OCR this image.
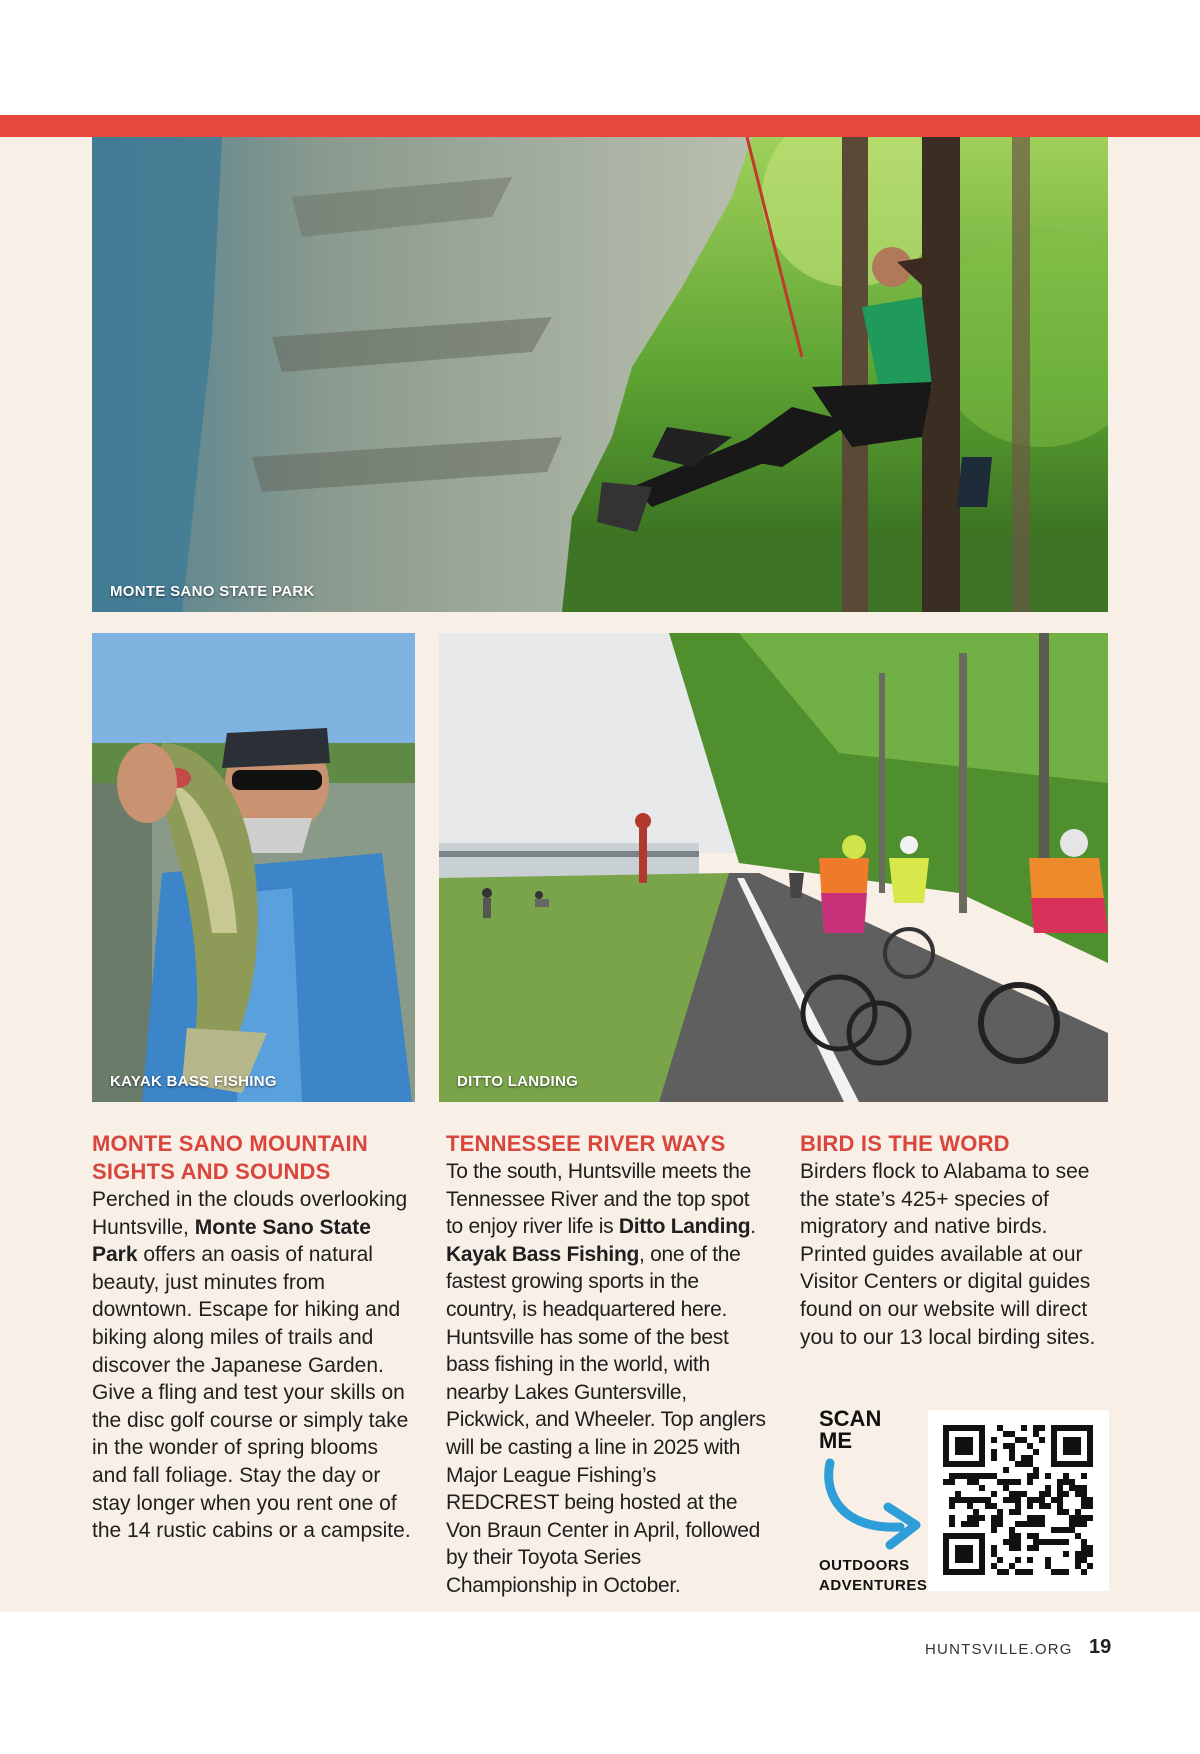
MONTE SANO STATE PARK
KAYAK BASS FISHING	DITTO LANDING
MONTE SANO MOUNTAIN
SIGHTS AND SOUNDS

Perched in the clouds overlooking Huntsville, Monte Sano State Park offers an oasis of natural beauty, just minutes from downtown. Escape for hiking and biking along miles of trails and discover the Japanese Garden. Give a fling and test your skills on the disc golf course or simply take in the wonder of spring blooms and fall foliage. Stay the day or stay longer when you rent one of the 14 rustic cabins or a campsite.

TENNESSEE RIVER WAYS

To the south, Huntsville meets the Tennessee River and the top spot to enjoy river life is Ditto Landing. Kayak Bass Fishing, one of the fastest growing sports in the country, is headquartered here. Huntsville has some of the best bass fishing in the world, with nearby Lakes Guntersville, Pickwick, and Wheeler. Top anglers will be casting a line in 2025 with Major League Fishing’s REDCREST being hosted at the Von Braun Center in April, followed by their Toyota Series Championship in October.

BIRD IS THE WORD

Birders flock to Alabama to see the state’s 425+ species of migratory and native birds. Printed guides available at our Visitor Centers or digital guides found on our website will direct you to our 13 local birding sites.

SCAN
ME
OUTDOORS
ADVENTURES
HUNTSVILLE.ORG 19
